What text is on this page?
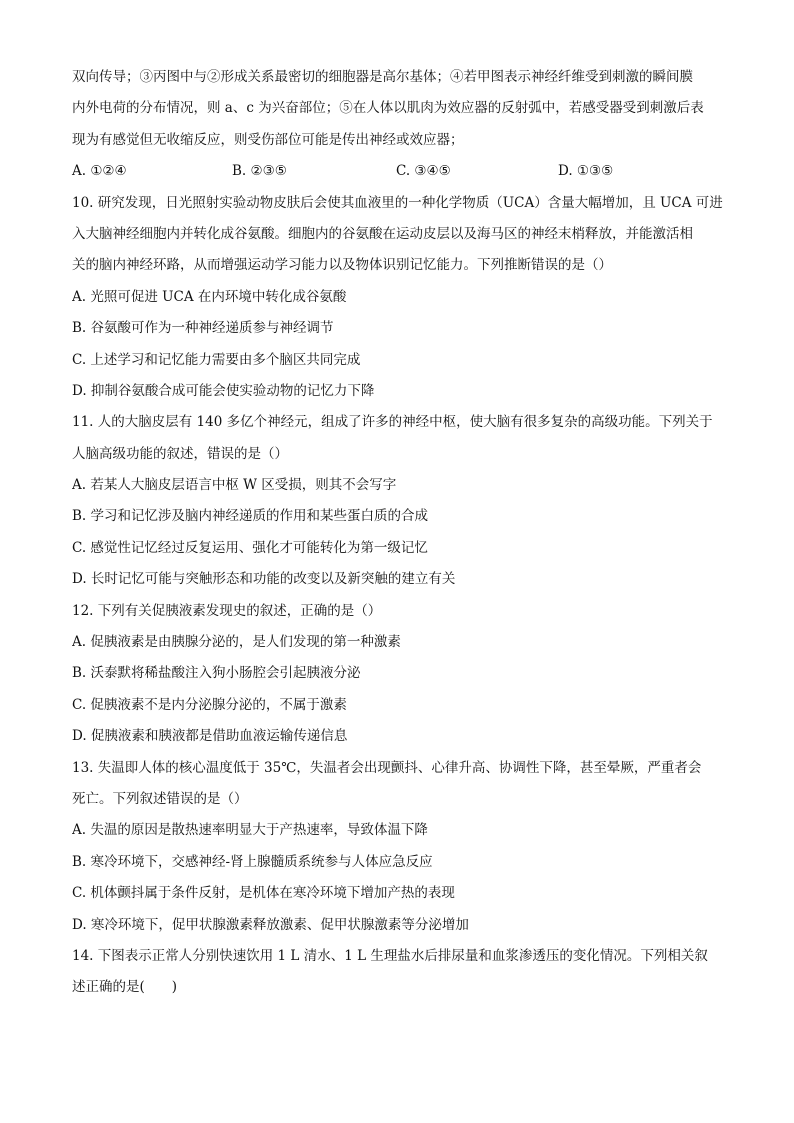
双向传导；③丙图中与②形成关系最密切的细胞器是高尔基体；④若甲图表示神经纤维受到刺激的瞬间膜
内外电荷的分布情况，则 a、c 为兴奋部位；⑤在人体以肌肉为效应器的反射弧中，若感受器受到刺激后表
现为有感觉但无收缩反应，则受伤部位可能是传出神经或效应器；
A. ①②④	B. ②③⑤	C. ③④⑤	D. ①③⑤
10. 研究发现，日光照射实验动物皮肤后会使其血液里的一种化学物质（UCA）含量大幅增加，且 UCA 可进
入大脑神经细胞内并转化成谷氨酸。细胞内的谷氨酸在运动皮层以及海马区的神经末梢释放，并能激活相
关的脑内神经环路，从而增强运动学习能力以及物体识别记忆能力。下列推断错误的是（）
A. 光照可促进 UCA 在内环境中转化成谷氨酸
B. 谷氨酸可作为一种神经递质参与神经调节
C. 上述学习和记忆能力需要由多个脑区共同完成
D. 抑制谷氨酸合成可能会使实验动物的记忆力下降
11. 人的大脑皮层有 140 多亿个神经元，组成了许多的神经中枢，使大脑有很多复杂的高级功能。下列关于
人脑高级功能的叙述，错误的是（）
A. 若某人大脑皮层语言中枢 W 区受损，则其不会写字
B. 学习和记忆涉及脑内神经递质的作用和某些蛋白质的合成
C. 感觉性记忆经过反复运用、强化才可能转化为第一级记忆
D. 长时记忆可能与突触形态和功能的改变以及新突触的建立有关
12. 下列有关促胰液素发现史的叙述，正确的是（）
A. 促胰液素是由胰腺分泌的，是人们发现的第一种激素
B. 沃泰默将稀盐酸注入狗小肠腔会引起胰液分泌
C. 促胰液素不是内分泌腺分泌的，不属于激素
D. 促胰液素和胰液都是借助血液运输传递信息
13. 失温即人体的核心温度低于 35℃，失温者会出现颤抖、心律升高、协调性下降，甚至晕厥，严重者会
死亡。下列叙述错误的是（）
A. 失温的原因是散热速率明显大于产热速率，导致体温下降
B. 寒冷环境下，交感神经-肾上腺髓质系统参与人体应急反应
C. 机体颤抖属于条件反射，是机体在寒冷环境下增加产热的表现
D. 寒冷环境下，促甲状腺激素释放激素、促甲状腺激素等分泌增加
14. 下图表示正常人分别快速饮用 1 L 清水、1 L 生理盐水后排尿量和血浆渗透压的变化情况。下列相关叙
述正确的是(　　)
